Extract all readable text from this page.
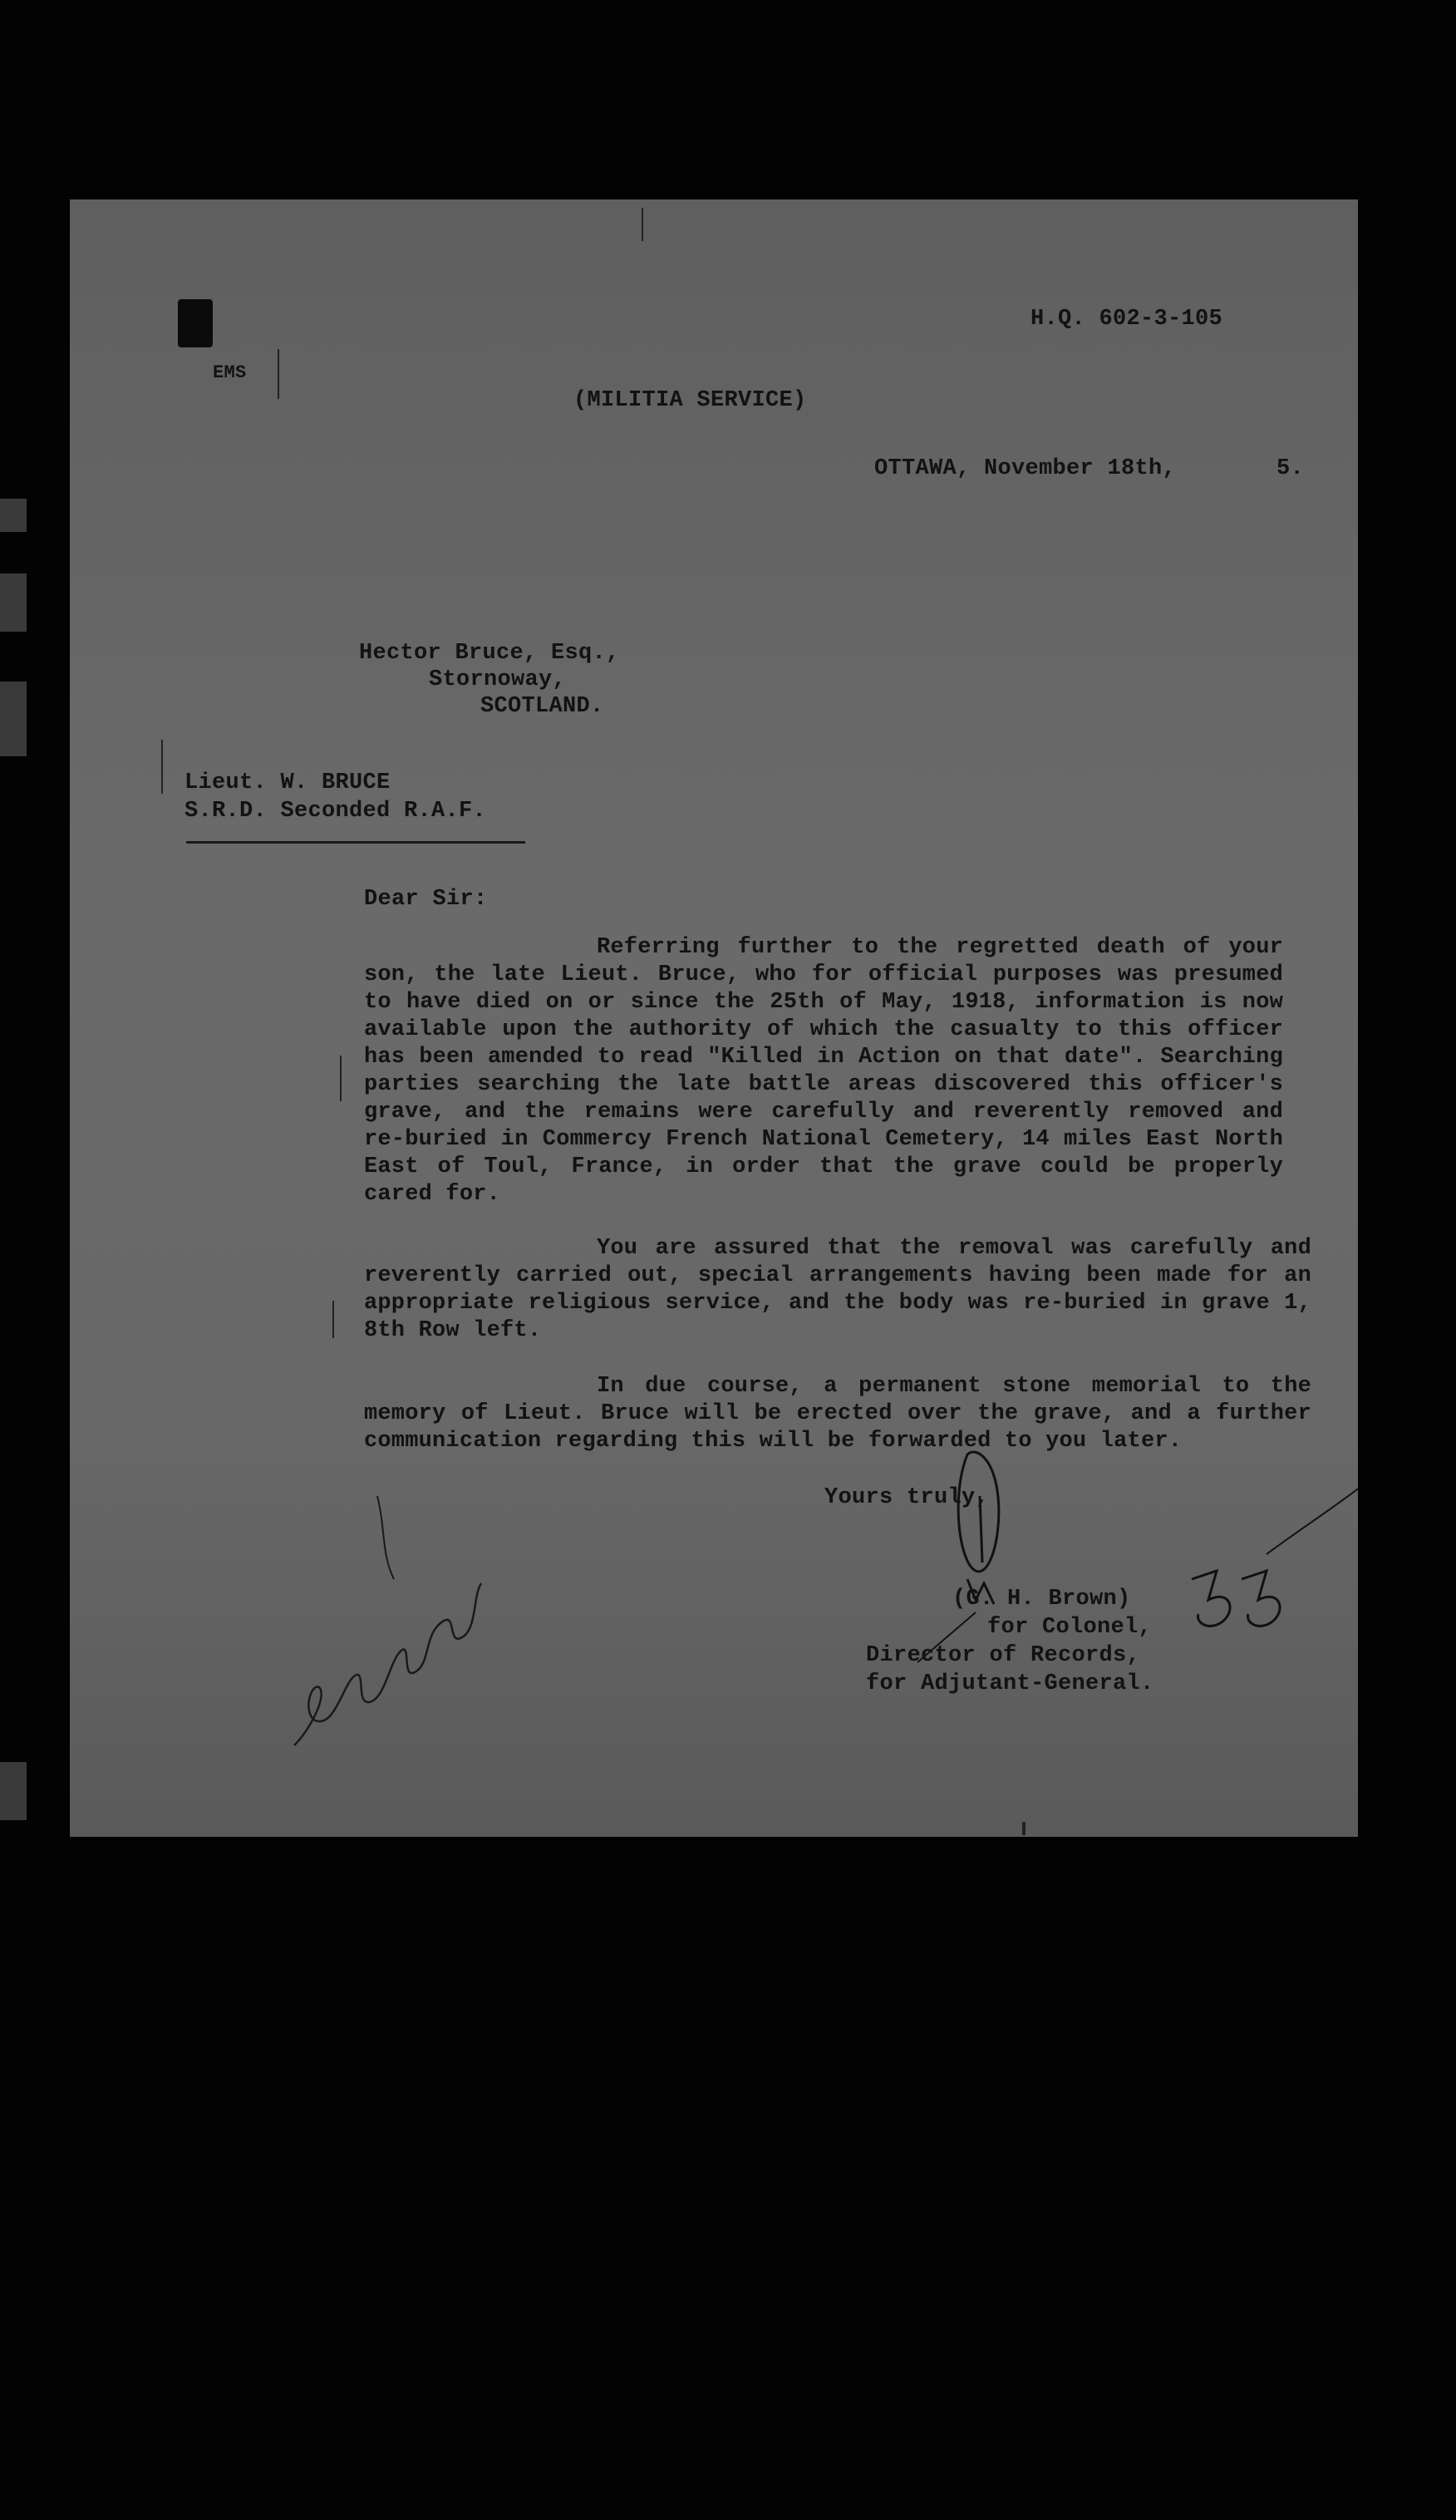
H.Q. 602-3-105
EMS
(MILITIA SERVICE)
OTTAWA, November 18th,	5.
Hector Bruce, Esq.,
Stornoway,
SCOTLAND.
Lieut. W. BRUCE
S.R.D. Seconded R.A.F.
Dear Sir:
Referring further to the regretted death of your son, the late Lieut. Bruce, who for official purposes was presumed to have died on or since the 25th of May, 1918, information is now available upon the authority of which the casualty to this officer has been amended to read "Killed in Action on that date". Searching parties searching the late battle areas discovered this officer's grave, and the remains were carefully and reverently removed and re-buried in Commercy French National Cemetery, 14 miles East North East of Toul, France, in order that the grave could be properly cared for.
You are assured that the removal was carefully and reverently carried out, special arrangements having been made for an appropriate religious service, and the body was re-buried in grave 1, 8th Row left.
In due course, a permanent stone memorial to the memory of Lieut. Bruce will be erected over the grave, and a further communication regarding this will be forwarded to you later.
Yours truly,
(G. H. Brown)
for Colonel,
Director of Records,
for Adjutant-General.
entered
55
